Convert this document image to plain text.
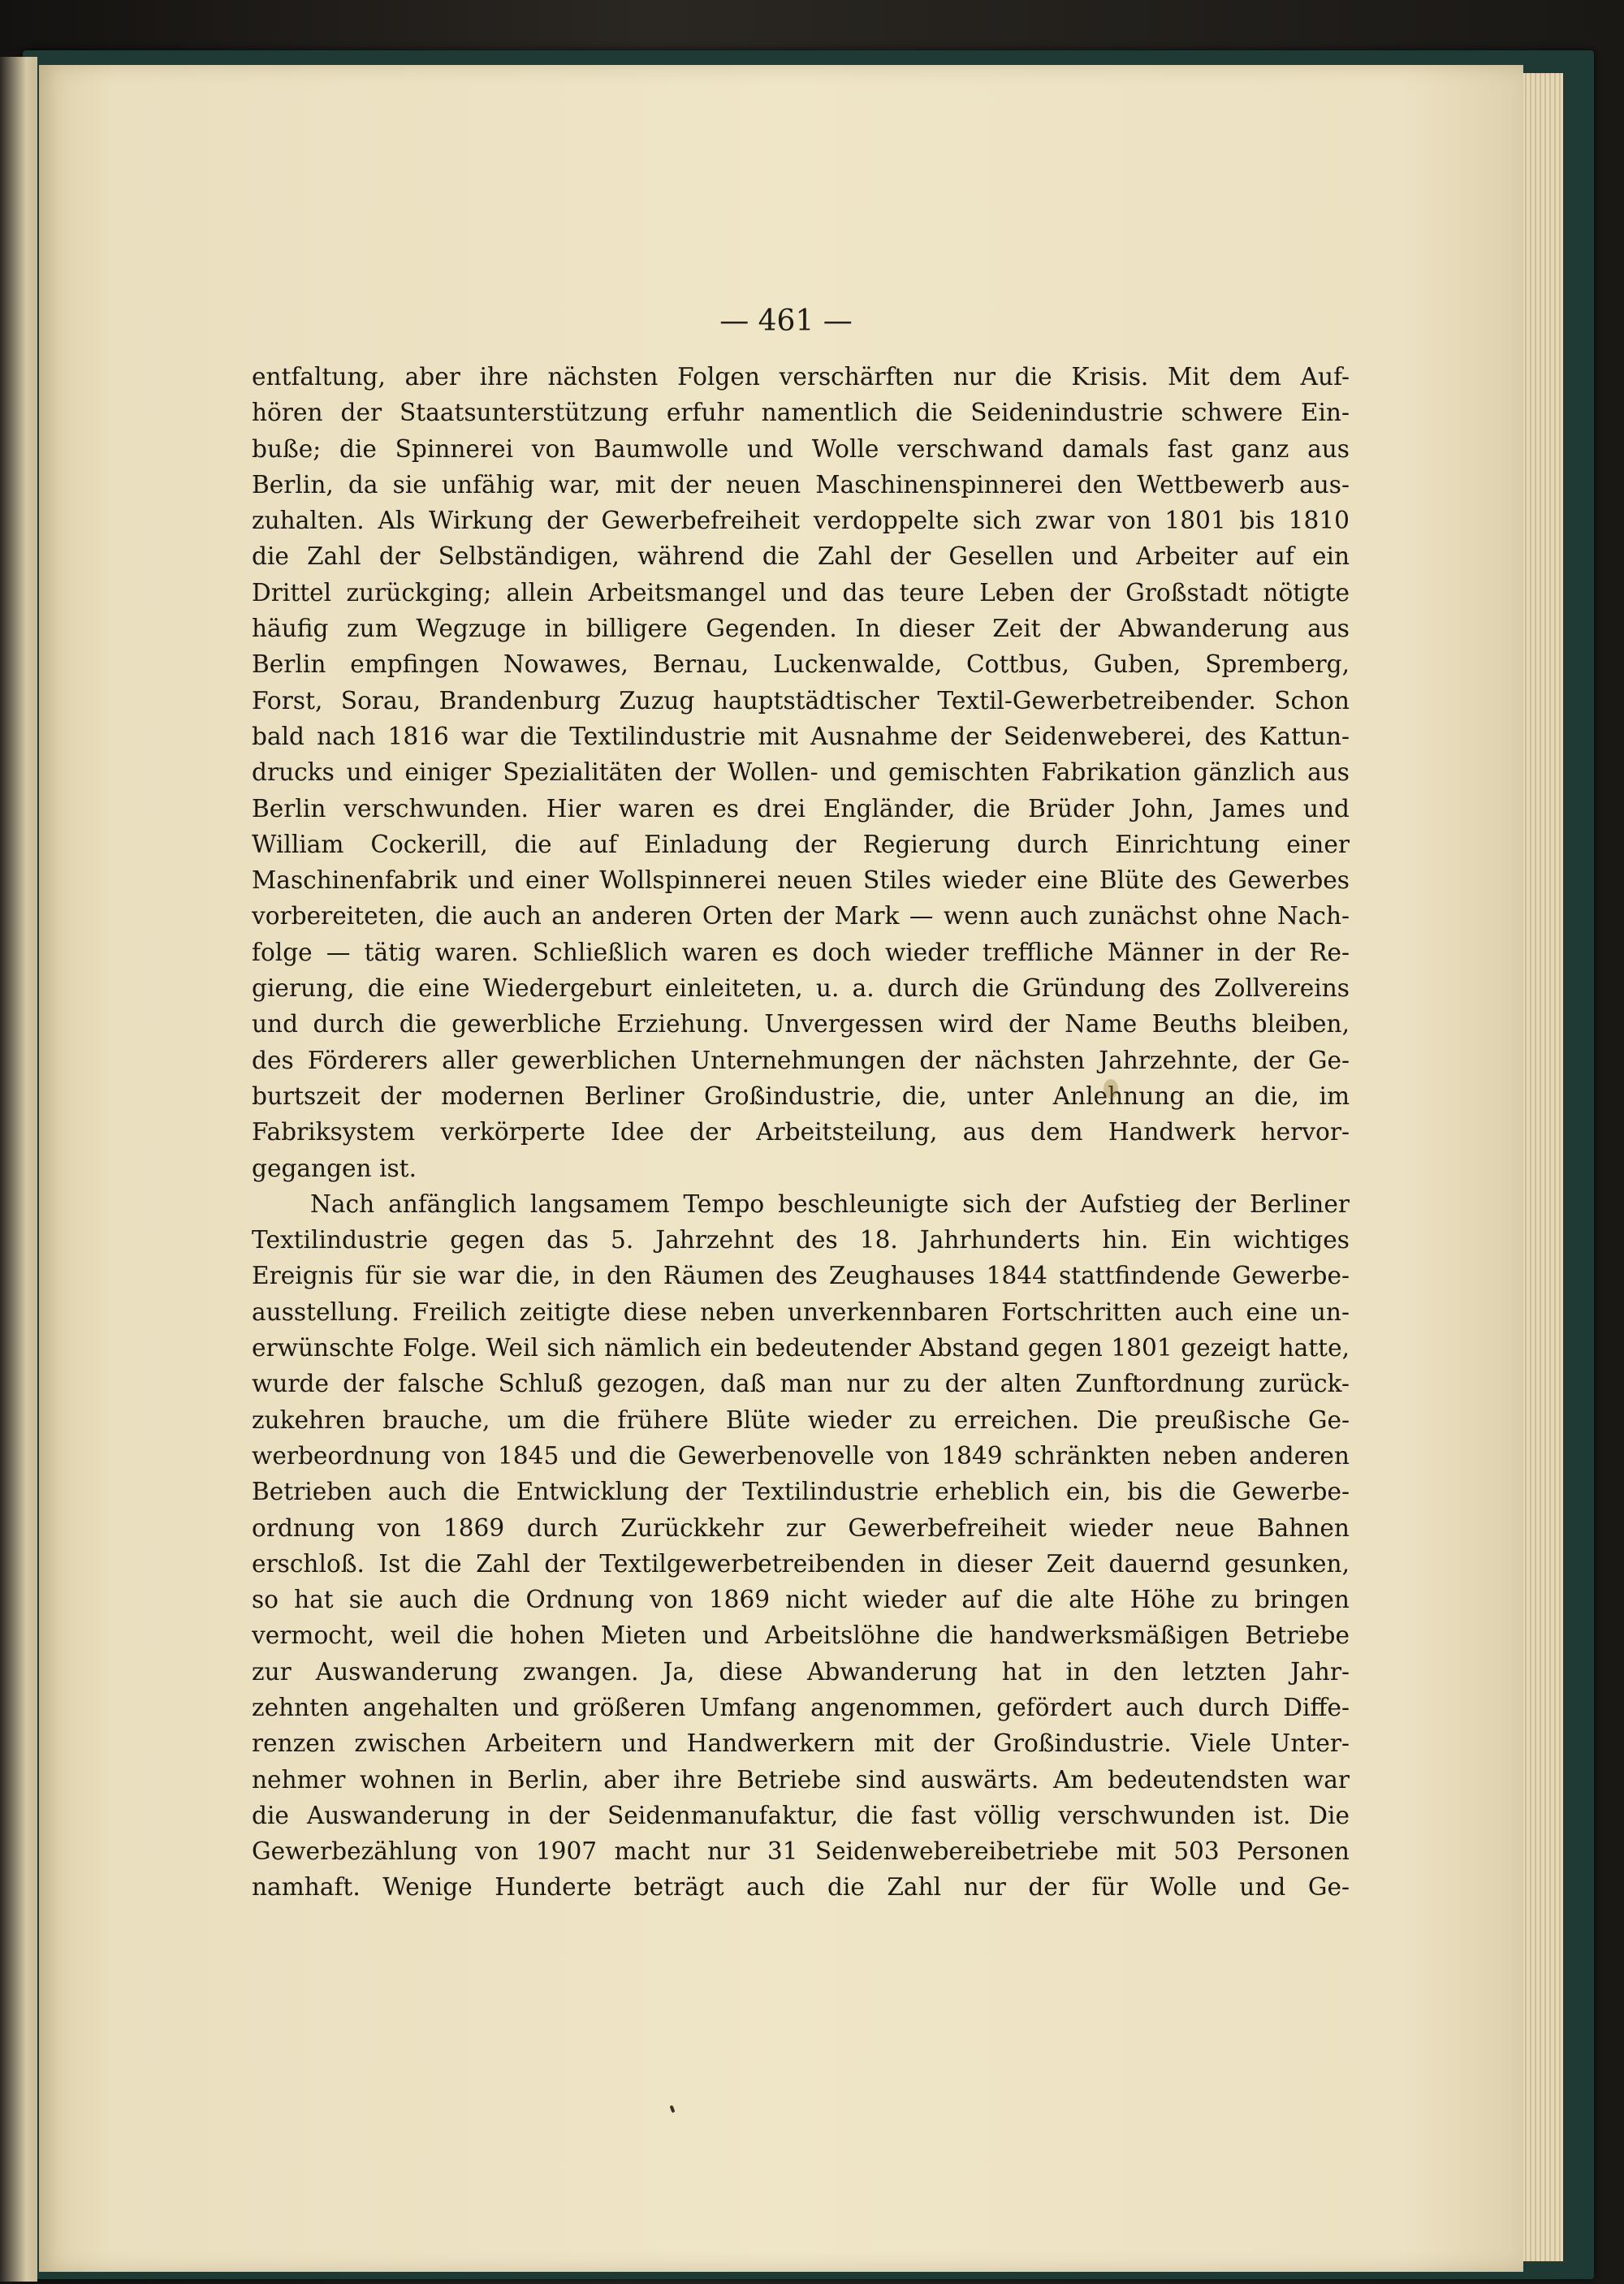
— 461 —
entfaltung, aber ihre nächsten Folgen verschärften nur die Krisis. Mit dem Auf-
hören der Staatsunterstützung erfuhr namentlich die Seidenindustrie schwere Ein-
buße; die Spinnerei von Baumwolle und Wolle verschwand damals fast ganz aus
Berlin, da sie unfähig war, mit der neuen Maschinenspinnerei den Wettbewerb aus-
zuhalten. Als Wirkung der Gewerbefreiheit verdoppelte sich zwar von 1801 bis 1810
die Zahl der Selbständigen, während die Zahl der Gesellen und Arbeiter auf ein
Drittel zurückging; allein Arbeitsmangel und das teure Leben der Großstadt nötigte
häufig zum Wegzuge in billigere Gegenden. In dieser Zeit der Abwanderung aus
Berlin empfingen Nowawes, Bernau, Luckenwalde, Cottbus, Guben, Spremberg,
Forst, Sorau, Brandenburg Zuzug hauptstädtischer Textil-Gewerbetreibender. Schon
bald nach 1816 war die Textilindustrie mit Ausnahme der Seidenweberei, des Kattun-
drucks und einiger Spezialitäten der Wollen- und gemischten Fabrikation gänzlich aus
Berlin verschwunden. Hier waren es drei Engländer, die Brüder John, James und
William Cockerill, die auf Einladung der Regierung durch Einrichtung einer
Maschinenfabrik und einer Wollspinnerei neuen Stiles wieder eine Blüte des Gewerbes
vorbereiteten, die auch an anderen Orten der Mark — wenn auch zunächst ohne Nach-
folge — tätig waren. Schließlich waren es doch wieder treffliche Männer in der Re-
gierung, die eine Wiedergeburt einleiteten, u. a. durch die Gründung des Zollvereins
und durch die gewerbliche Erziehung. Unvergessen wird der Name Beuths bleiben,
des Förderers aller gewerblichen Unternehmungen der nächsten Jahrzehnte, der Ge-
burtszeit der modernen Berliner Großindustrie, die, unter Anlehnung an die, im
Fabriksystem verkörperte Idee der Arbeitsteilung, aus dem Handwerk hervor-
gegangen ist.
Nach anfänglich langsamem Tempo beschleunigte sich der Aufstieg der Berliner
Textilindustrie gegen das 5. Jahrzehnt des 18. Jahrhunderts hin. Ein wichtiges
Ereignis für sie war die, in den Räumen des Zeughauses 1844 stattfindende Gewerbe-
ausstellung. Freilich zeitigte diese neben unverkennbaren Fortschritten auch eine un-
erwünschte Folge. Weil sich nämlich ein bedeutender Abstand gegen 1801 gezeigt hatte,
wurde der falsche Schluß gezogen, daß man nur zu der alten Zunftordnung zurück-
zukehren brauche, um die frühere Blüte wieder zu erreichen. Die preußische Ge-
werbeordnung von 1845 und die Gewerbenovelle von 1849 schränkten neben anderen
Betrieben auch die Entwicklung der Textilindustrie erheblich ein, bis die Gewerbe-
ordnung von 1869 durch Zurückkehr zur Gewerbefreiheit wieder neue Bahnen
erschloß. Ist die Zahl der Textilgewerbetreibenden in dieser Zeit dauernd gesunken,
so hat sie auch die Ordnung von 1869 nicht wieder auf die alte Höhe zu bringen
vermocht, weil die hohen Mieten und Arbeitslöhne die handwerksmäßigen Betriebe
zur Auswanderung zwangen. Ja, diese Abwanderung hat in den letzten Jahr-
zehnten angehalten und größeren Umfang angenommen, gefördert auch durch Diffe-
renzen zwischen Arbeitern und Handwerkern mit der Großindustrie. Viele Unter-
nehmer wohnen in Berlin, aber ihre Betriebe sind auswärts. Am bedeutendsten war
die Auswanderung in der Seidenmanufaktur, die fast völlig verschwunden ist. Die
Gewerbezählung von 1907 macht nur 31 Seidenwebereibetriebe mit 503 Personen
namhaft. Wenige Hunderte beträgt auch die Zahl nur der für Wolle und Ge-
